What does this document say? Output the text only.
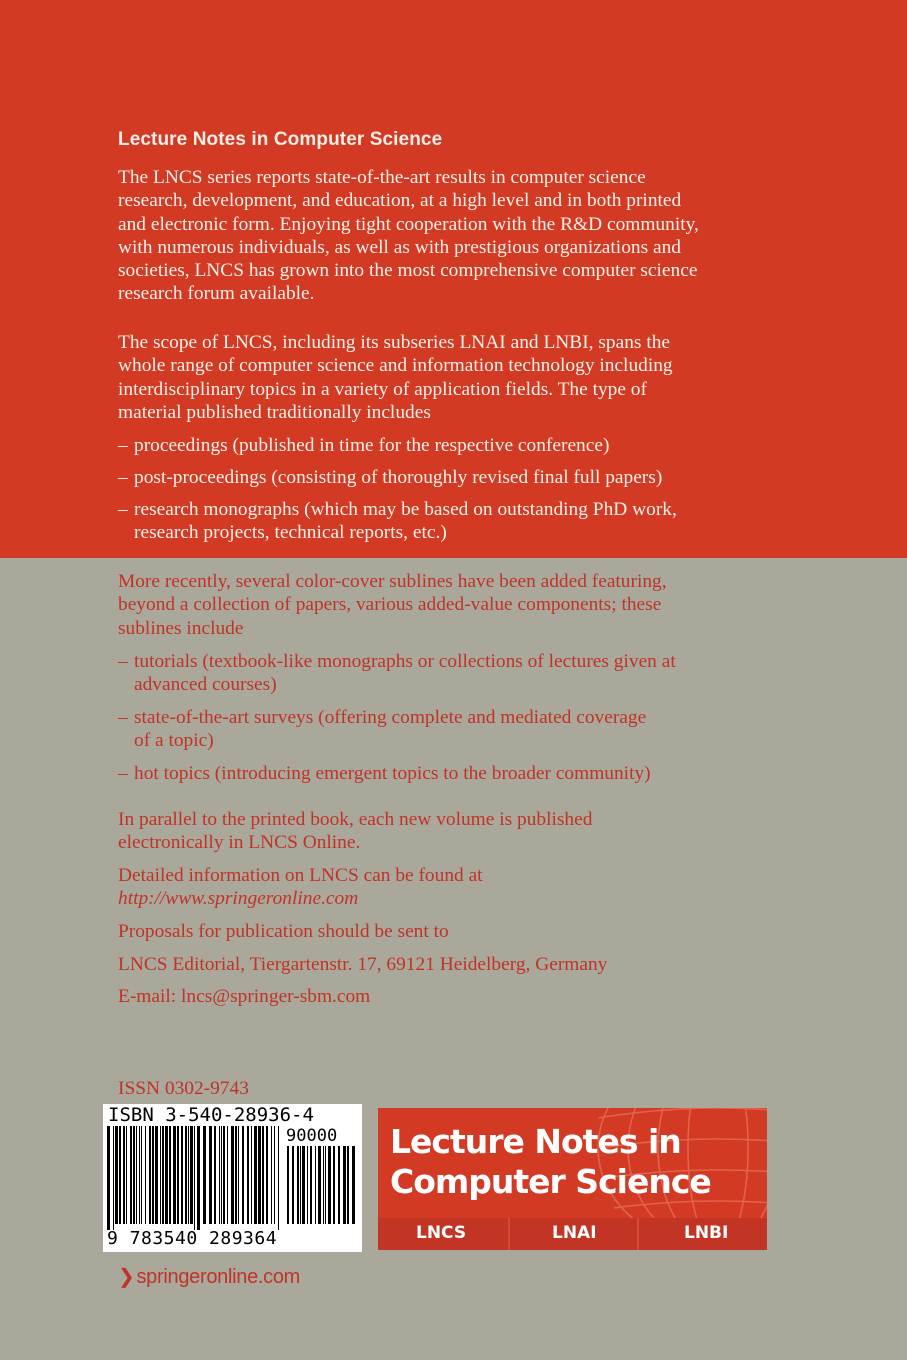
Lecture Notes in Computer Science

The LNCS series reports state-of-the-art results in computer science
research, development, and education, at a high level and in both printed
and electronic form. Enjoying tight cooperation with the R&D community,
with numerous individuals, as well as with prestigious organizations and
societies, LNCS has grown into the most comprehensive computer science
research forum available.

The scope of LNCS, including its subseries LNAI and LNBI, spans the
whole range of computer science and information technology including
interdisciplinary topics in a variety of application fields. The type of
material published traditionally includes

– proceedings (published in time for the respective conference)
– post-proceedings (consisting of thoroughly revised final full papers)
– research monographs (which may be based on outstanding PhD work,
research projects, technical reports, etc.)

More recently, several color-cover sublines have been added featuring,
beyond a collection of papers, various added-value components; these
sublines include

– tutorials (textbook-like monographs or collections of lectures given at
advanced courses)
– state-of-the-art surveys (offering complete and mediated coverage
of a topic)
– hot topics (introducing emergent topics to the broader community)

In parallel to the printed book, each new volume is published
electronically in LNCS Online.

Detailed information on LNCS can be found at
http://www.springeronline.com

Proposals for publication should be sent to

LNCS Editorial, Tiergartenstr. 17, 69121 Heidelberg, Germany

E-mail: lncs@springer-sbm.com

ISSN 0302-9743

ISBN 3-540-28936-4
90000
9 783540 289364
Lecture Notes in
Computer Science
LNCS	LNAI	LNBI
❯ springeronline.com
